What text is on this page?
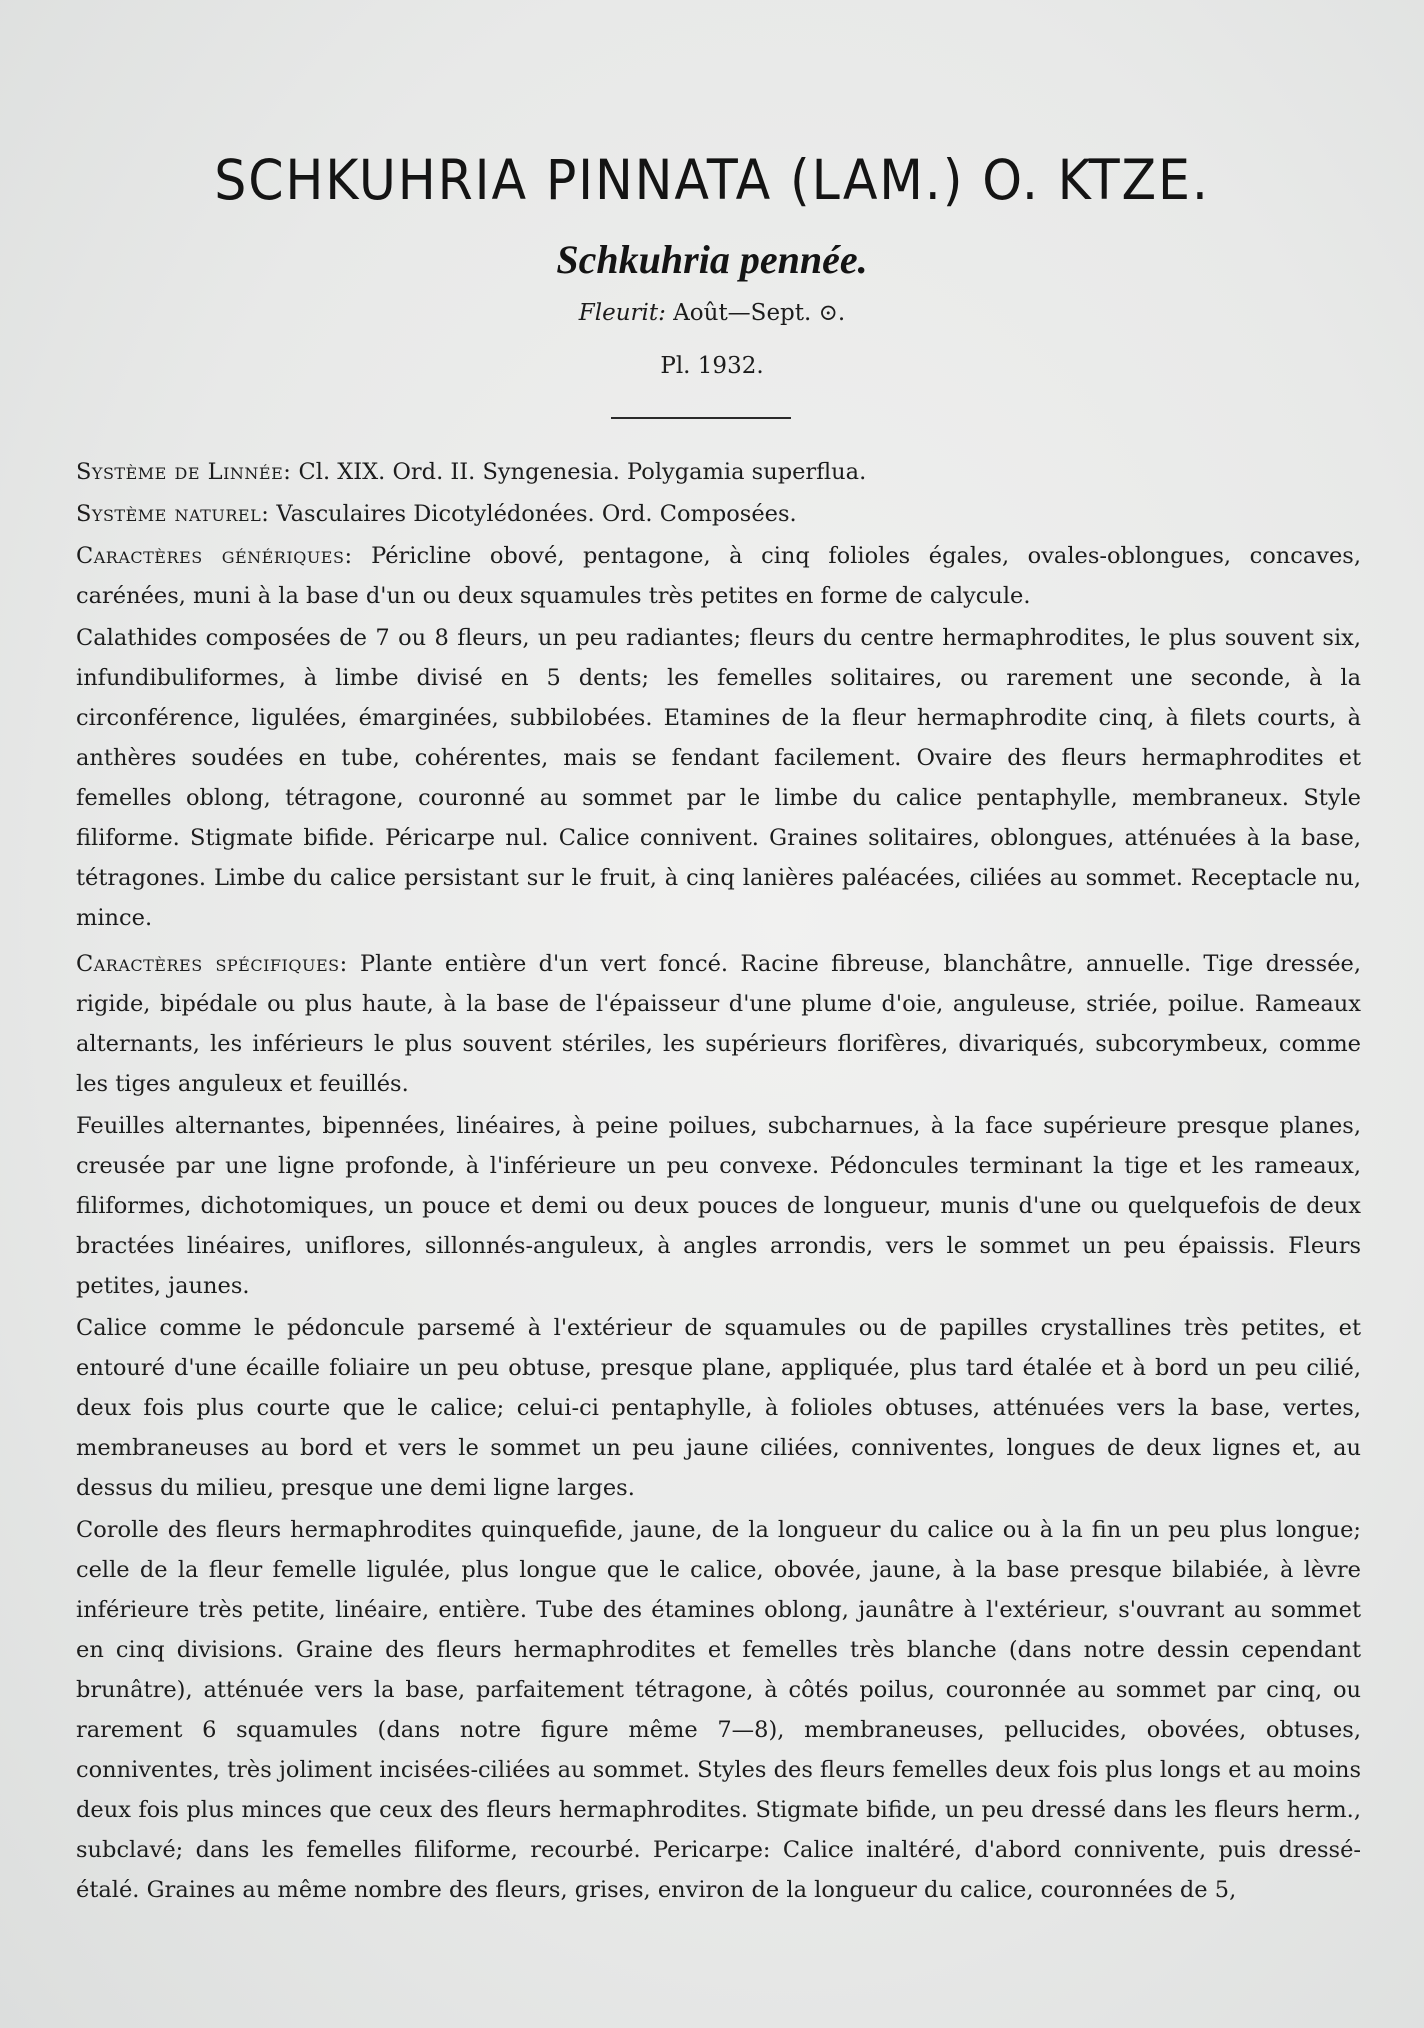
SCHKUHRIA PINNATA (LAM.) O. KTZE.
Schkuhria pennée.
Fleurit: Août—Sept. ⊙.
Pl. 1932.

Système de Linnée: Cl. XIX. Ord. II. Syngenesia. Polygamia superflua.

Système naturel: Vasculaires Dicotylédonées. Ord. Composées.

Caractères génériques: Péricline obové, pentagone, à cinq folioles égales, ovales-oblongues, concaves, carénées, muni à la base d'un ou deux squamules très petites en forme de calycule.

Calathides composées de 7 ou 8 fleurs, un peu radiantes; fleurs du centre hermaphrodites, le plus souvent six, infundibuliformes, à limbe divisé en 5 dents; les femelles solitaires, ou rarement une seconde, à la circonférence, ligulées, émarginées, subbilobées. Etamines de la fleur hermaphrodite cinq, à filets courts, à anthères soudées en tube, cohérentes, mais se fendant facilement. Ovaire des fleurs hermaphrodites et femelles oblong, tétragone, couronné au sommet par le limbe du calice pentaphylle, membraneux. Style filiforme. Stigmate bifide. Péricarpe nul. Calice connivent. Graines solitaires, oblongues, atténuées à la base, tétragones. Limbe du calice persistant sur le fruit, à cinq lanières paléacées, ciliées au sommet. Receptacle nu, mince.

Caractères spécifiques: Plante entière d'un vert foncé. Racine fibreuse, blanchâtre, annuelle. Tige dressée, rigide, bipédale ou plus haute, à la base de l'épaisseur d'une plume d'oie, anguleuse, striée, poilue. Rameaux alternants, les inférieurs le plus souvent stériles, les supérieurs florifères, divariqués, subcorymbeux, comme les tiges anguleux et feuillés.

Feuilles alternantes, bipennées, linéaires, à peine poilues, subcharnues, à la face supérieure presque planes, creusée par une ligne profonde, à l'inférieure un peu convexe. Pédoncules terminant la tige et les rameaux, filiformes, dichotomiques, un pouce et demi ou deux pouces de longueur, munis d'une ou quelquefois de deux bractées linéaires, uniflores, sillonnés-anguleux, à angles arrondis, vers le sommet un peu épaissis. Fleurs petites, jaunes.

Calice comme le pédoncule parsemé à l'extérieur de squamules ou de papilles crystallines très petites, et entouré d'une écaille foliaire un peu obtuse, presque plane, appliquée, plus tard étalée et à bord un peu cilié, deux fois plus courte que le calice; celui-ci pentaphylle, à folioles obtuses, atténuées vers la base, vertes, membraneuses au bord et vers le sommet un peu jaune ciliées, conniventes, longues de deux lignes et, au dessus du milieu, presque une demi ligne larges.

Corolle des fleurs hermaphrodites quinquefide, jaune, de la longueur du calice ou à la fin un peu plus longue; celle de la fleur femelle ligulée, plus longue que le calice, obovée, jaune, à la base presque bilabiée, à lèvre inférieure très petite, linéaire, entière. Tube des étamines oblong, jaunâtre à l'extérieur, s'ouvrant au sommet en cinq divisions. Graine des fleurs hermaphrodites et femelles très blanche (dans notre dessin cependant brunâtre), atténuée vers la base, parfaitement tétragone, à côtés poilus, couronnée au sommet par cinq, ou rarement 6 squamules (dans notre figure même 7—8), membraneuses, pellucides, obovées, obtuses, conniventes, très joliment incisées-ciliées au sommet. Styles des fleurs femelles deux fois plus longs et au moins deux fois plus minces que ceux des fleurs hermaphrodites. Stigmate bifide, un peu dressé dans les fleurs herm., subclavé; dans les femelles filiforme, recourbé. Pericarpe: Calice inaltéré, d'abord connivente, puis dressé-étalé. Graines au même nombre des fleurs, grises, environ de la longueur du calice, couronnées de 5,
